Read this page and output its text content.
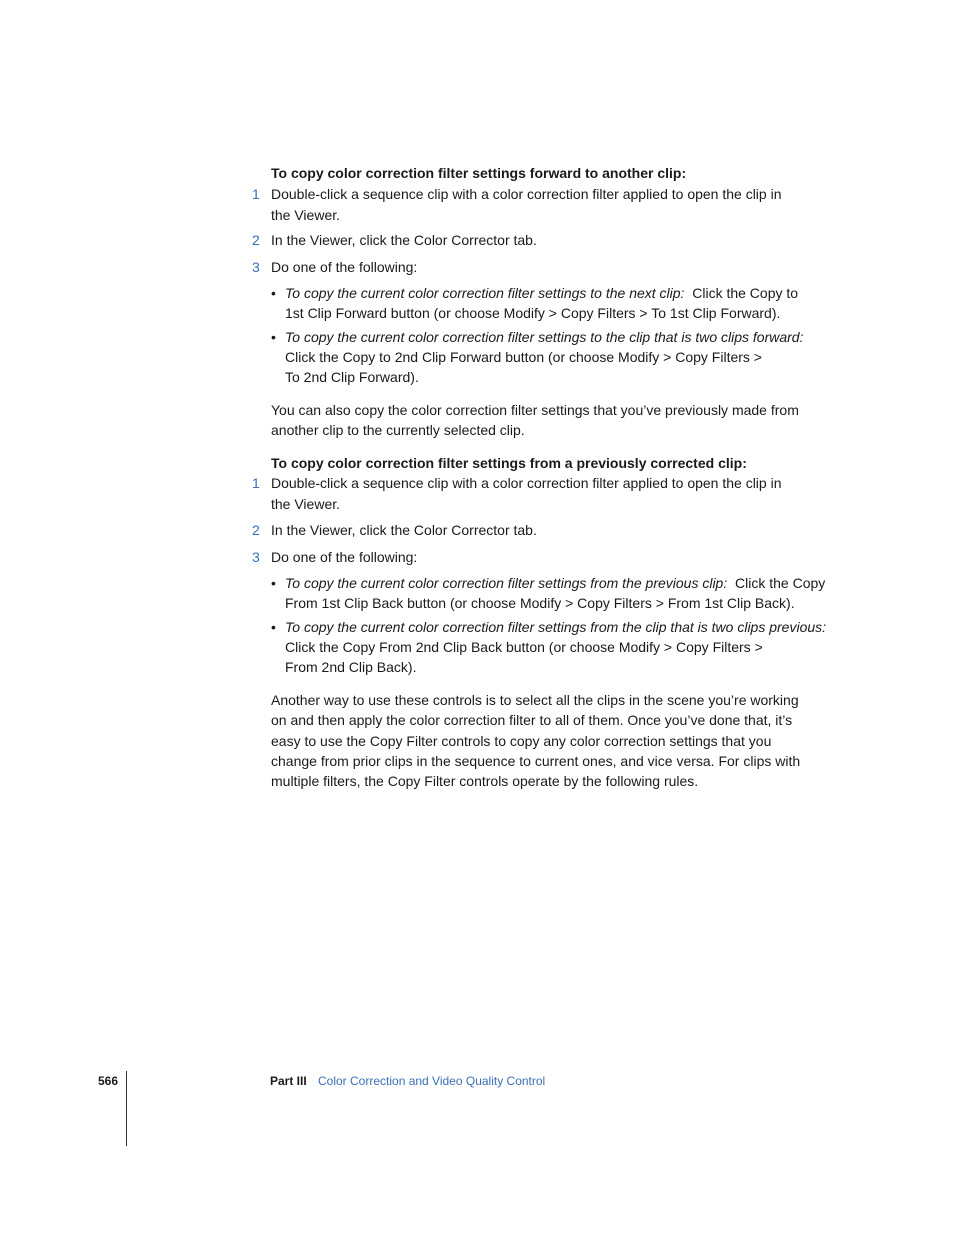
To copy color correction filter settings forward to another clip:
1 Double-click a sequence clip with a color correction filter applied to open the clip in
the Viewer.
2 In the Viewer, click the Color Corrector tab.
3 Do one of the following:
• To copy the current color correction filter settings to the next clip: Click the Copy to
1st Clip Forward button (or choose Modify > Copy Filters > To 1st Clip Forward).
• To copy the current color correction filter settings to the clip that is two clips forward:
Click the Copy to 2nd Clip Forward button (or choose Modify > Copy Filters >
To 2nd Clip Forward).
You can also copy the color correction filter settings that you’ve previously made from
another clip to the currently selected clip.
To copy color correction filter settings from a previously corrected clip:
1 Double-click a sequence clip with a color correction filter applied to open the clip in
the Viewer.
2 In the Viewer, click the Color Corrector tab.
3 Do one of the following:
• To copy the current color correction filter settings from the previous clip: Click the Copy
From 1st Clip Back button (or choose Modify > Copy Filters > From 1st Clip Back).
• To copy the current color correction filter settings from the clip that is two clips previous:
Click the Copy From 2nd Clip Back button (or choose Modify > Copy Filters >
From 2nd Clip Back).
Another way to use these controls is to select all the clips in the scene you’re working
on and then apply the color correction filter to all of them. Once you’ve done that, it’s
easy to use the Copy Filter controls to copy any color correction settings that you
change from prior clips in the sequence to current ones, and vice versa. For clips with
multiple filters, the Copy Filter controls operate by the following rules.
566	Part III Color Correction and Video Quality Control
